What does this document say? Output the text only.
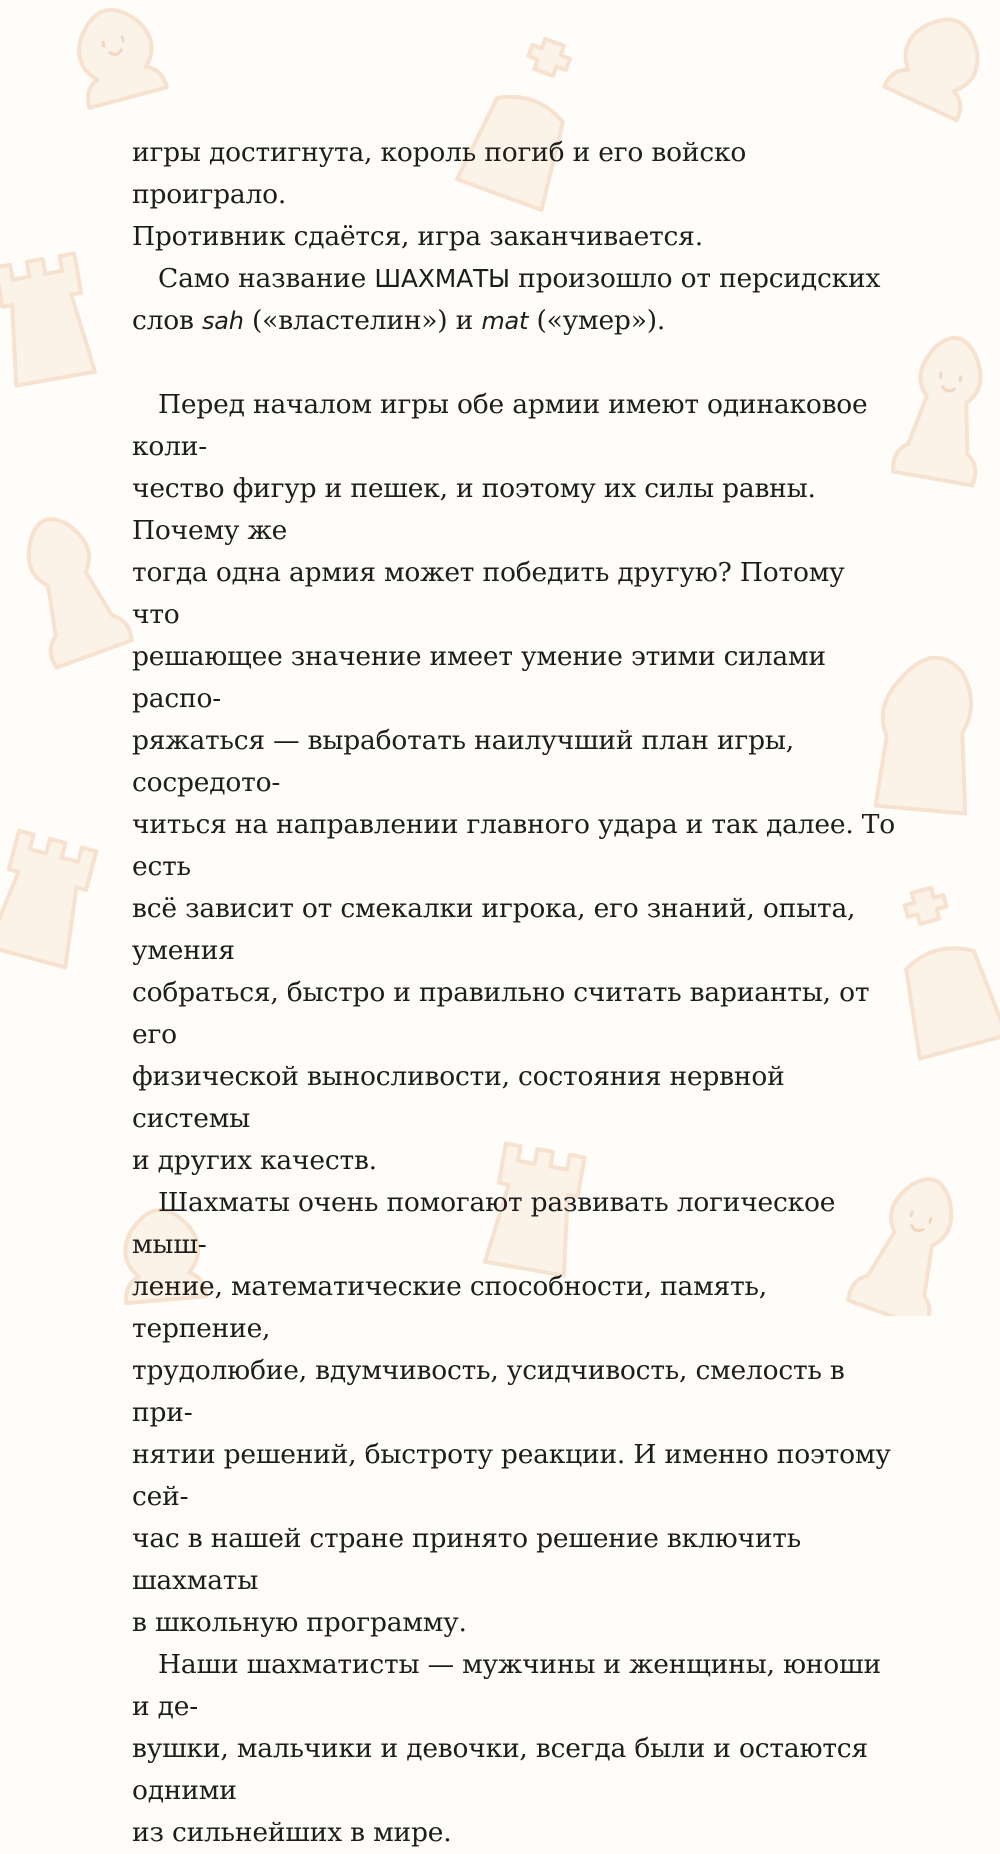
игры достигнута, король погиб и его войско проиграло.
Противник сдаётся, игра заканчивается.

Само название ШАХМАТЫ произошло от персидских слов sah («властелин») и mat («умер»).

Перед началом игры обе армии имеют одинаковое коли-
чество фигур и пешек, и поэтому их силы равны. Почему же
тогда одна армия может победить другую? Потому что
решающее значение имеет умение этими силами распо-
ряжаться — выработать наилучший план игры, сосредото-
читься на направлении главного удара и так далее. То есть
всё зависит от смекалки игрока, его знаний, опыта, умения
собраться, быстро и правильно считать варианты, от его
физической выносливости, состояния нервной системы
и других качеств.

Шахматы очень помогают развивать логическое мыш-
ление, математические способности, память, терпение,
трудолюбие, вдумчивость, усидчивость, смелость в при-
нятии решений, быстроту реакции. И именно поэтому сей-
час в нашей стране принято решение включить шахматы
в школьную программу.

Наши шахматисты — мужчины и женщины, юноши и де-
вушки, мальчики и девочки, всегда были и остаются одними
из сильнейших в мире.
